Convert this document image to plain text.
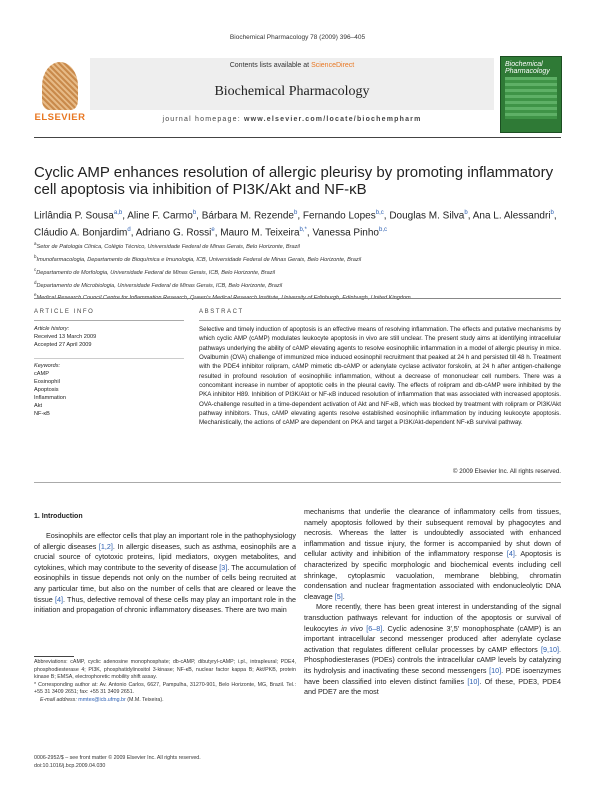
Biochemical Pharmacology 78 (2009) 396–405
ELSEVIER
Contents lists available at ScienceDirect
Biochemical Pharmacology
journal homepage: www.elsevier.com/locate/biochempharm
Biochemical Pharmacology
Cyclic AMP enhances resolution of allergic pleurisy by promoting inflammatory cell apoptosis via inhibition of PI3K/Akt and NF-κB
Lirlândia P. Sousa$^{a,b}$, Aline F. Carmo$^b$, Bárbara M. Rezende$^b$, Fernando Lopes$^{b,c}$, Douglas M. Silva$^b$, Ana L. Alessandri$^b$, Cláudio A. Bonjardim$^d$, Adriano G. Rossi$^e$, Mauro M. Teixeira$^{b,*}$, Vanessa Pinho$^{b,c}$
$^a$Setor de Patologia Clínica, Colégio Técnico, Universidade Federal de Minas Gerais, Belo Horizonte, Brazil
$^b$Imunofarmacologia, Departamento de Bioquímica e Imunologia, ICB, Universidade Federal de Minas Gerais, Belo Horizonte, Brazil
$^c$Departamento de Morfologia, Universidade Federal de Minas Gerais, ICB, Belo Horizonte, Brazil
$^d$Departamento de Microbiologia, Universidade Federal de Minas Gerais, ICB, Belo Horizonte, Brazil
$^e$
ARTICLE INFO	ABSTRACT
Article history:
Received 13 March 2009
Accepted 27 April 2009
Keywords:
cAMP
Eosinophil
Apoptosis
Inflammation
Akt
NF-κB
Selective and timely induction of apoptosis is an effective means of resolving inflammation. The effects and putative mechanisms by which cyclic AMP (cAMP) modulates leukocyte apoptosis in vivo are still unclear. The present study aims at identifying intracellular pathways underlying the ability of cAMP elevating agents to resolve eosinophilic inflammation in a model of allergic pleurisy in mice. Ovalbumin (OVA) challenge of immunized mice induced eosinophil recruitment that peaked at 24 h and persisted till 48 h. Treatment with the PDE4 inhibitor rolipram, cAMP mimetic db-cAMP or adenylate cyclase activator forskolin, at 24 h after antigen-challenge resulted in profound resolution of eosinophilic inflammation, without a decrease of mononuclear cell numbers. There was a concomitant increase in number of apoptotic cells in the pleural cavity. The effects of rolipram and db-cAMP were inhibited by the PKA inhibitor H89. Inhibition of PI3K/Akt or NF-κB induced resolution of inflammation that was associated with increased apoptosis. OVA-challenge resulted in a time-dependent activation of Akt and NF-κB, which was blocked by treatment with rolipram or PI3K/Akt pathway inhibitors. Thus, cAMP elevating agents resolve established eosinophilic inflammation by inducing leukocyte apoptosis. Mechanistically, the actions of cAMP are dependent on PKA and target a PI3K/Akt-dependent NF-κB survival pathway.
© 2009 Elsevier Inc. All rights reserved.
1. Introduction

Eosinophils are effector cells that play an important role in the pathophysiology of allergic diseases [1,2]. In allergic diseases, such as asthma, eosinophils are a crucial source of cytotoxic proteins, lipid mediators, oxygen metabolites, and cytokines, which may contribute to the severity of disease [3]. The accumulation of eosinophils in tissue depends not only on the number of cells being recruited at any particular time, but also on the number of cells that are cleared or leave the tissue [4]. Thus, defective removal of these cells may play an important role in the initiation and propagation of chronic inflammatory diseases. There are two main

mechanisms that underlie the clearance of inflammatory cells from tissues, namely apoptosis followed by their subsequent removal by phagocytes and necrosis. Whereas the latter is undoubtedly associated with enhanced inflammation and tissue injury, the former is accompanied by shut down of cellular activity and inhibition of the inflammatory response [4]. Apoptosis is characterized by specific morphologic and biochemical events including cell shrinkage, cytoplasmic vacuolation, membrane blebbing, chromatin condensation and nuclear fragmentation associated with endonucleolytic DNA cleavage [5].

More recently, there has been great interest in understanding of the signal transduction pathways relevant for induction of the apoptosis or survival of leukocytes in vivo [6–8]. Cyclic adenosine 3′,5′ monophosphate (cAMP) is an important intracellular second messenger produced after adenylate cyclase activation that regulates different cellular processes by cAMP effectors [9,10]. Phosphodiesterases (PDEs) controls the intracellular cAMP levels by catalyzing its hydrolysis and inactivating these second messengers [10]. PDE isoenzymes have been classified into eleven distinct families [10]. Of these, PDE3, PDE4 and PDE7 are the most

Abbreviations: cAMP, cyclic adenosine monophosphate; db-cAMP, dibutyryl-cAMP; i.pl., intrapleural; PDE4, phosphodiesterase 4; PI3K, phosphatidylinositol 3-kinase; NF-κB, nuclear factor kappa B; Akt/PKB, protein kinase B; EMSA, electrophoretic mobility shift assay.
* Corresponding author at: Av. Antonio Carlos, 6627, Pampulha, 31270-901, Belo Horizonte, MG, Brazil. Tel.: +55 31 3409 2651; fax: +55 31 3409 2651.
E-mail address: mmtex@icb.ufmg.br (M.M. Teixeira).
0006-2952/$ – see front matter © 2009 Elsevier Inc. All rights reserved.
doi:10.1016/j.bcp.2009.04.030
